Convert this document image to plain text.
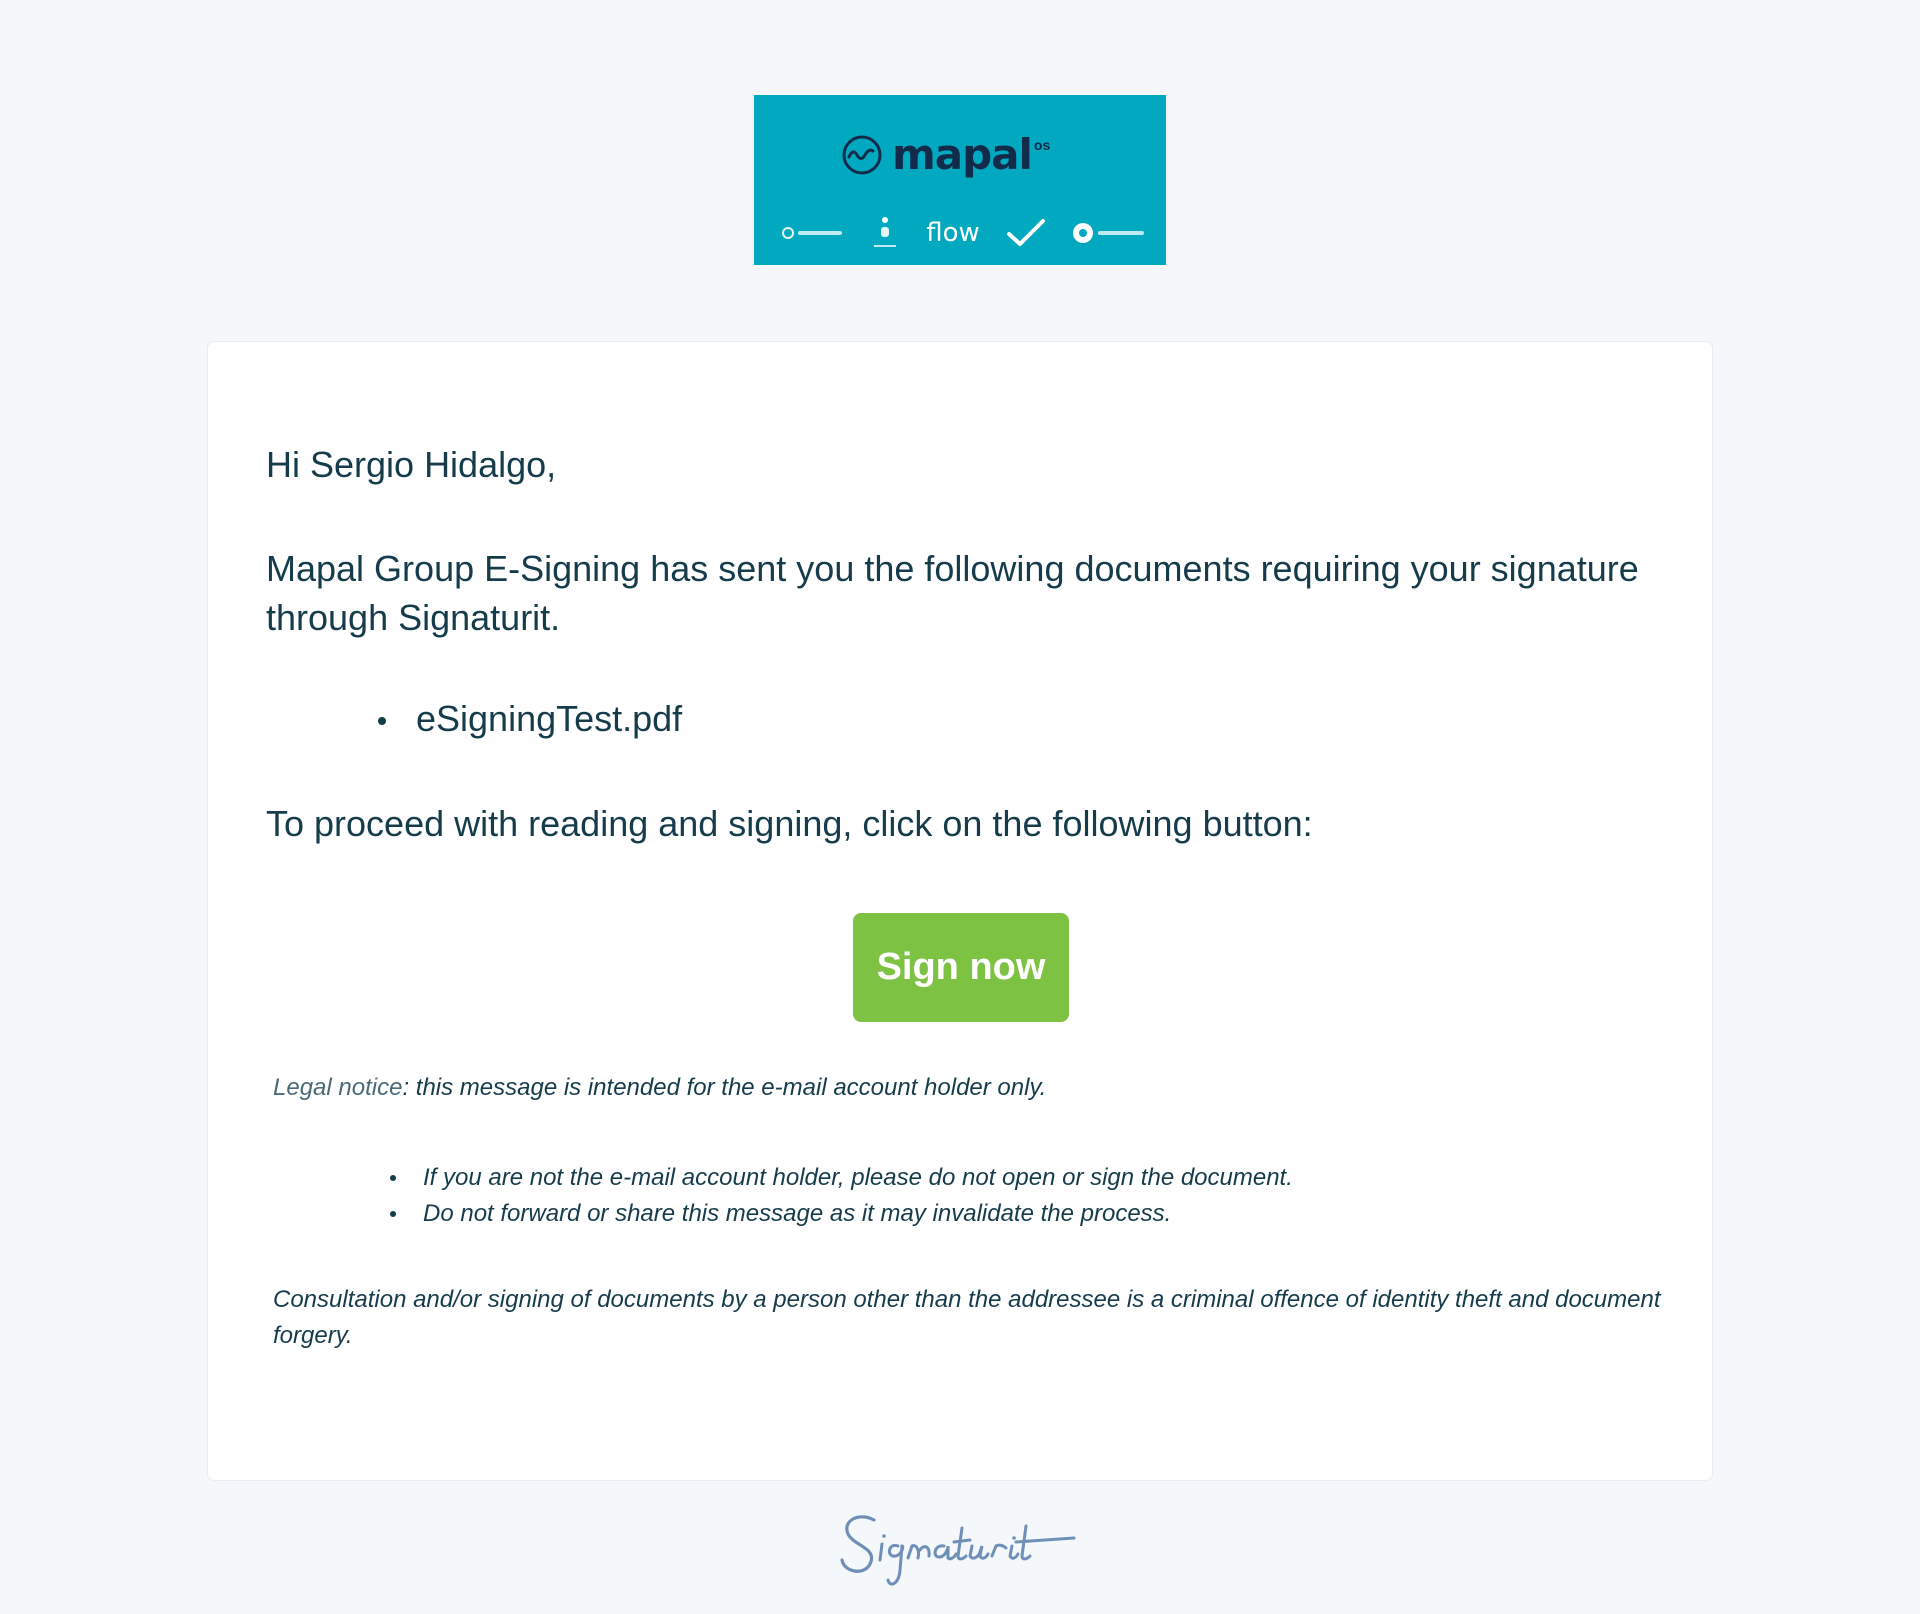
mapal os
flow
Hi Sergio Hidalgo,
Mapal Group E-Signing has sent you the following documents requiring your signature through Signaturit.
eSigningTest.pdf
To proceed with reading and signing, click on the following button:
Sign now
Legal notice: this message is intended for the e-mail account holder only.
If you are not the e-mail account holder, please do not open or sign the document.
Do not forward or share this message as it may invalidate the process.
Consultation and/or signing of documents by a person other than the addressee is a criminal offence of identity theft and document forgery.
